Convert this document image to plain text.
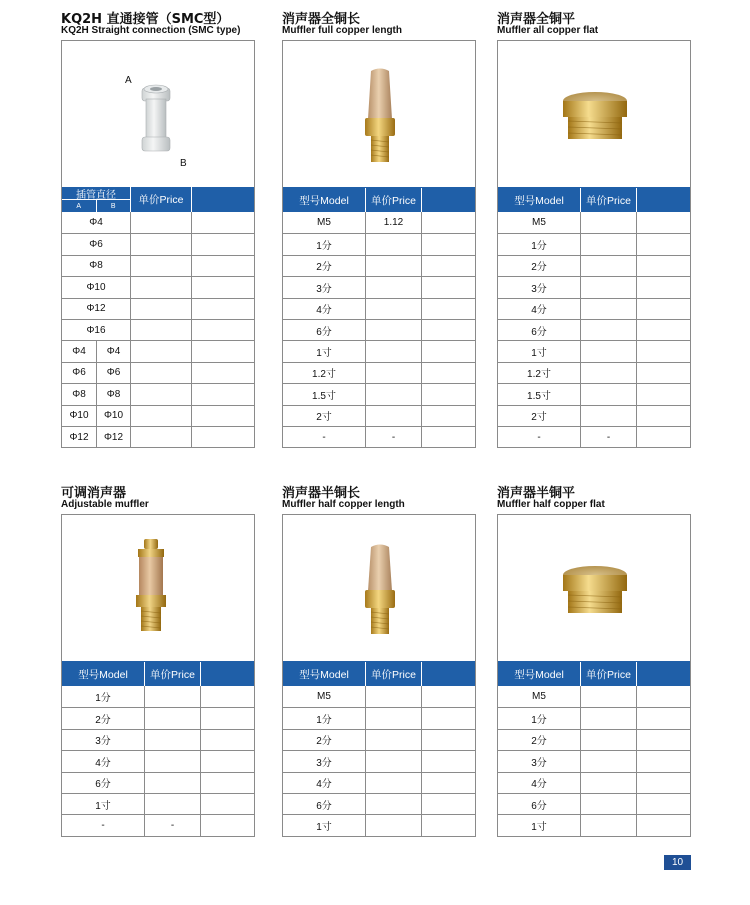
KQ2H 直通接管（SMC型）
KQ2H Straight connection (SMC type)
A
B
插管直径
A	B	单价Price
Φ4
Φ6
Φ8
Φ10
Φ12
Φ16
Φ4	Φ4
Φ6	Φ6
Φ8	Φ8
Φ10	Φ10
Φ12	Φ12
消声器全铜长
Muffler full copper length
型号Model	单价Price
M5	1.12
1分
2分
3分
4分
6分
1寸
1.2寸
1.5寸
2寸
-	-
消声器全铜平
Muffler all copper flat
型号Model	单价Price
M5
1分
2分
3分
4分
6分
1寸
1.2寸
1.5寸
2寸
-	-
可调消声器
Adjustable muffler
型号Model	单价Price
1分
2分
3分
4分
6分
1寸
-	-
消声器半铜长
Muffler half copper length
型号Model	单价Price
M5
1分
2分
3分
4分
6分
1寸
消声器半铜平
Muffler half copper flat
型号Model	单价Price
M5
1分
2分
3分
4分
6分
1寸
10
